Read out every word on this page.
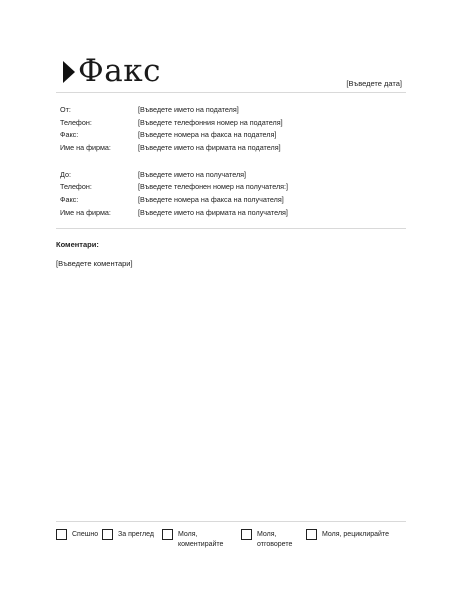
Факс	[Въведете дата]
От:	[Въведете името на подателя]
Телефон:	[Въведете телефонния номер на подателя]
Факс:	[Въведете номера на факса на подателя]
Име на фирма:	[Въведете името на фирмата на подателя]
До:	[Въведете името на получателя]
Телефон:	[Въведете телефонен номер на получателя:]
Факс:	[Въведете номера на факса на получателя]
Име на фирма:	[Въведете името на фирмата на получателя]
Коментари:
[Въведете коментари]
Спешно	За преглед	Моля,
коментирайте
Моля,
отговорете
Моля, рециклирайте
